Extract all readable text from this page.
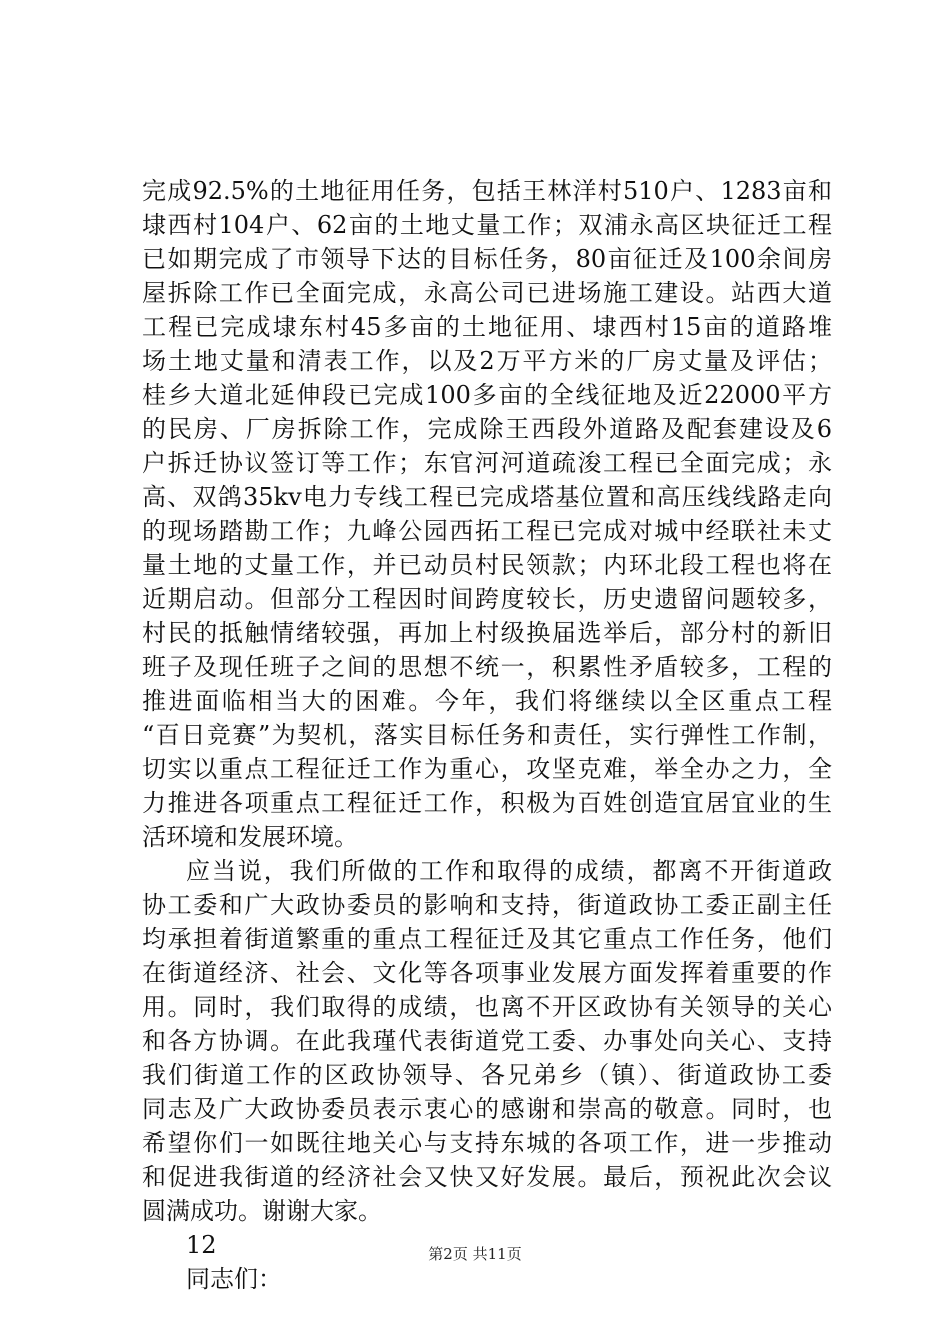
完成92.5%的土地征用任务，包括王林洋村510户、1283亩和
埭西村104户、62亩的土地丈量工作；双浦永高区块征迁工程
已如期完成了市领导下达的目标任务，80亩征迁及100余间房
屋拆除工作已全面完成，永高公司已进场施工建设。站西大道
工程已完成埭东村45多亩的土地征用、埭西村15亩的道路堆
场土地丈量和清表工作，以及2万平方米的厂房丈量及评估；
桂乡大道北延伸段已完成100多亩的全线征地及近22000平方
的民房、厂房拆除工作，完成除王西段外道路及配套建设及6
户拆迁协议签订等工作；东官河河道疏浚工程已全面完成；永
高、双鸽35kv电力专线工程已完成塔基位置和高压线线路走向
的现场踏勘工作；九峰公园西拓工程已完成对城中经联社未丈
量土地的丈量工作，并已动员村民领款；内环北段工程也将在
近期启动。但部分工程因时间跨度较长，历史遗留问题较多，
村民的抵触情绪较强，再加上村级换届选举后，部分村的新旧
班子及现任班子之间的思想不统一，积累性矛盾较多，工程的
推进面临相当大的困难。今年，我们将继续以全区重点工程
“百日竞赛”为契机，落实目标任务和责任，实行弹性工作制，
切实以重点工程征迁工作为重心，攻坚克难，举全办之力，全
力推进各项重点工程征迁工作，积极为百姓创造宜居宜业的生
活环境和发展环境。
应当说，我们所做的工作和取得的成绩，都离不开街道政
协工委和广大政协委员的影响和支持，街道政协工委正副主任
均承担着街道繁重的重点工程征迁及其它重点工作任务，他们
在街道经济、社会、文化等各项事业发展方面发挥着重要的作
用。同时，我们取得的成绩，也离不开区政协有关领导的关心
和各方协调。在此我瑾代表街道党工委、办事处向关心、支持
我们街道工作的区政协领导、各兄弟乡（镇）、街道政协工委
同志及广大政协委员表示衷心的感谢和崇高的敬意。同时，也
希望你们一如既往地关心与支持东城的各项工作，进一步推动
和促进我街道的经济社会又快又好发展。最后，预祝此次会议
圆满成功。谢谢大家。
12
同志们：
第2页 共11页
